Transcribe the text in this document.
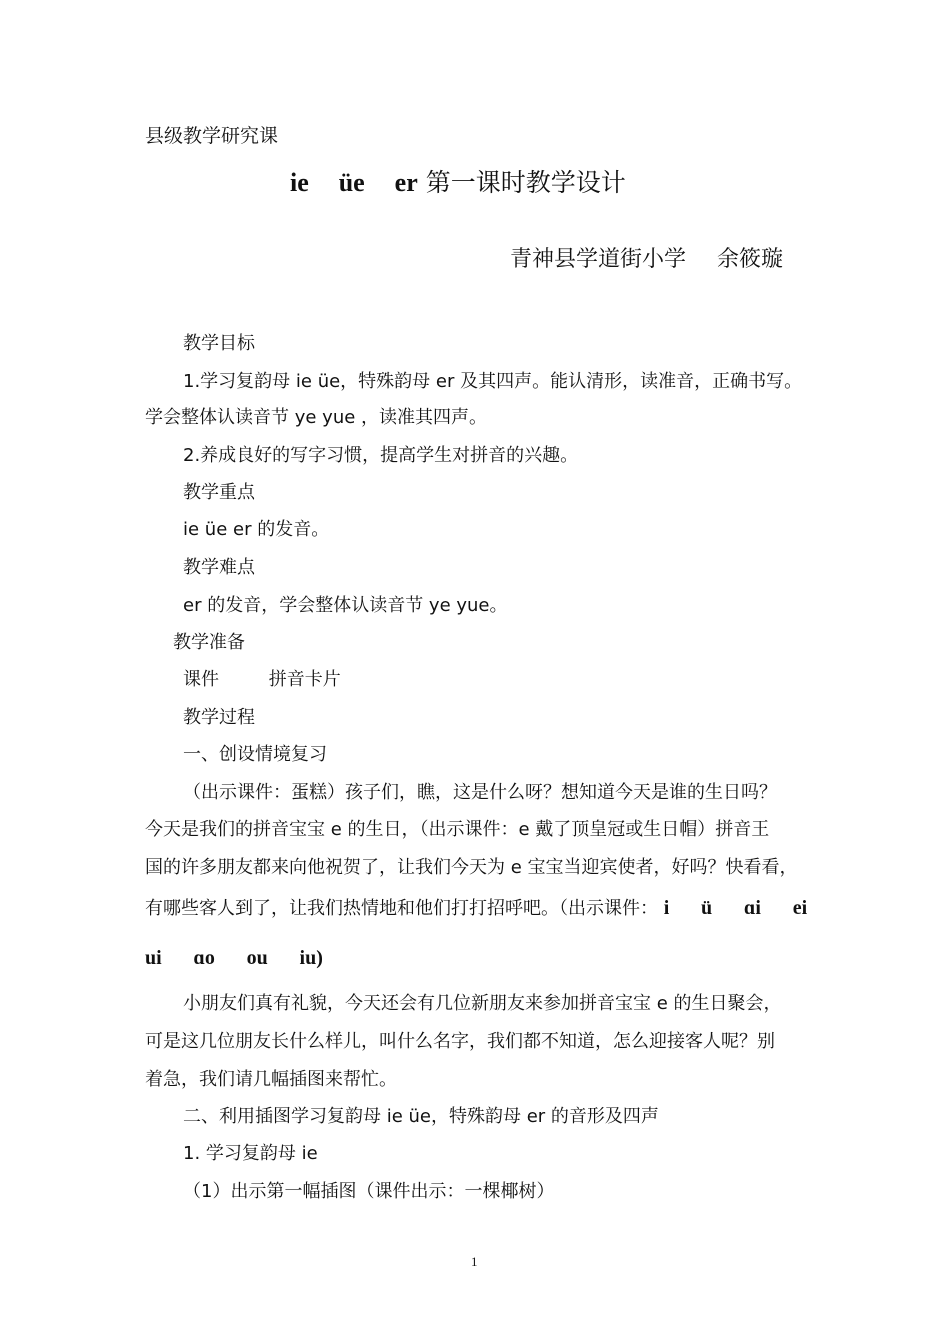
县级教学研究课
ie üe er 第一课时教学设计
青神县学道街小学 余筱璇
教学目标
1.学习复韵母 ie üe，特殊韵母 er 及其四声。能认清形，读准音，正确书写。
学会整体认读音节 ye yue ，读准其四声。
2.养成良好的写字习惯，提高学生对拼音的兴趣。
教学重点
ie üe er 的发音。
教学难点
er 的发音，学会整体认读音节 ye yue。
教学准备
课件	拼音卡片
教学过程
一、创设情境复习
（出示课件：蛋糕）孩子们，瞧，这是什么呀？想知道今天是谁的生日吗？
今天是我们的拼音宝宝 e 的生日，（出示课件：e 戴了顶皇冠或生日帽）拼音王
国的许多朋友都来向他祝贺了，让我们今天为 e 宝宝当迎宾使者，好吗？快看看，
有哪些客人到了，让我们热情地和他们打打招呼吧。（出示课件： i ü ɑi ei
ui ɑo ou iu)
小朋友们真有礼貌，今天还会有几位新朋友来参加拼音宝宝 e 的生日聚会，
可是这几位朋友长什么样儿，叫什么名字，我们都不知道，怎么迎接客人呢？别
着急，我们请几幅插图来帮忙。
二、利用插图学习复韵母 ie üe，特殊韵母 er 的音形及四声
1. 学习复韵母 ie
（1）出示第一幅插图（课件出示：一棵椰树）
1
